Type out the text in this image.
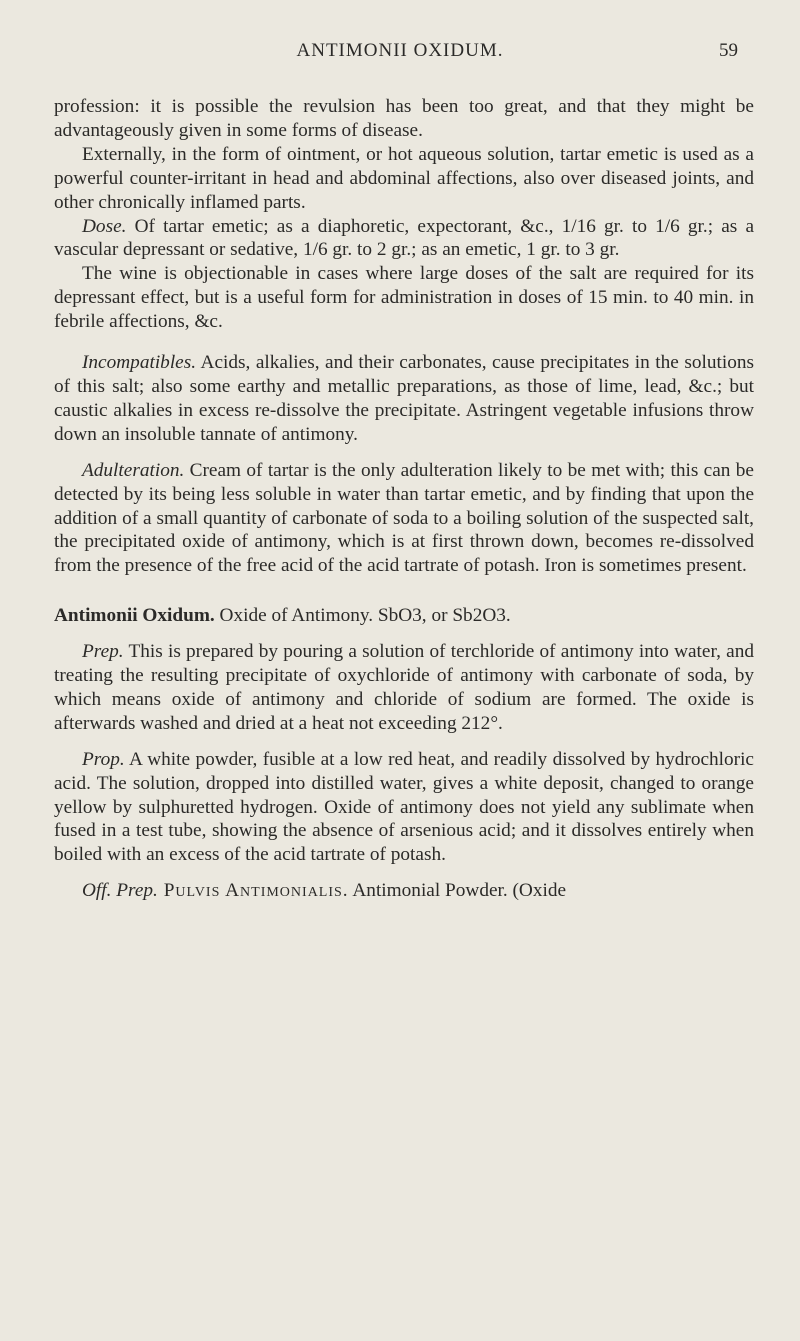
ANTIMONII OXIDUM.	59

profession: it is possible the revulsion has been too great, and that they might be advantageously given in some forms of disease.

Externally, in the form of ointment, or hot aqueous solution, tartar emetic is used as a powerful counter-irritant in head and abdominal affections, also over diseased joints, and other chronically inflamed parts.

Dose. Of tartar emetic; as a diaphoretic, expectorant, &c., 1/16 gr. to 1/6 gr.; as a vascular depressant or sedative, 1/6 gr. to 2 gr.; as an emetic, 1 gr. to 3 gr.

The wine is objectionable in cases where large doses of the salt are required for its depressant effect, but is a useful form for administration in doses of 15 min. to 40 min. in febrile affections, &c.

Incompatibles. Acids, alkalies, and their carbonates, cause precipitates in the solutions of this salt; also some earthy and metallic preparations, as those of lime, lead, &c.; but caustic alkalies in excess re-dissolve the precipitate. Astringent vegetable infusions throw down an insoluble tannate of antimony.

Adulteration. Cream of tartar is the only adulteration likely to be met with; this can be detected by its being less soluble in water than tartar emetic, and by finding that upon the addition of a small quantity of carbonate of soda to a boiling solution of the suspected salt, the precipitated oxide of antimony, which is at first thrown down, becomes re-dissolved from the presence of the free acid of the acid tartrate of potash. Iron is sometimes present.

Antimonii Oxidum. Oxide of Antimony. SbO3, or Sb2O3.

Prep. This is prepared by pouring a solution of terchloride of antimony into water, and treating the resulting precipitate of oxychloride of antimony with carbonate of soda, by which means oxide of antimony and chloride of sodium are formed. The oxide is afterwards washed and dried at a heat not exceeding 212°.

Prop. A white powder, fusible at a low red heat, and readily dissolved by hydrochloric acid. The solution, dropped into distilled water, gives a white deposit, changed to orange yellow by sulphuretted hydrogen. Oxide of antimony does not yield any sublimate when fused in a test tube, showing the absence of arsenious acid; and it dissolves entirely when boiled with an excess of the acid tartrate of potash.

Off. Prep. Pulvis Antimonialis. Antimonial Powder. (Oxide
